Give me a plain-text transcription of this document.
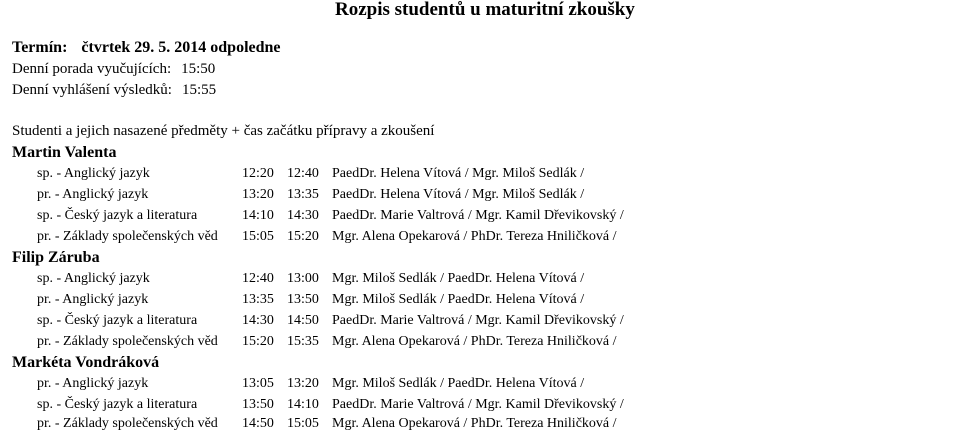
Rozpis studentů u maturitní zkoušky
Termín: čtvrtek 29. 5. 2014 odpoledne
Denní porada vyučujících: 15:50
Denní vyhlášení výsledků: 15:55
Studenti a jejich nasazené předměty + čas začátku přípravy a zkoušení
Martin Valenta
sp. - Anglický jazyk	12:20 12:40 PaedDr. Helena Vítová / Mgr. Miloš Sedlák /
pr. - Anglický jazyk	13:20 13:35 PaedDr. Helena Vítová / Mgr. Miloš Sedlák /
sp. - Český jazyk a literatura	14:10 14:30 PaedDr. Marie Valtrová / Mgr. Kamil Dřevikovský /
pr. - Základy společenských věd 15:05 15:20 Mgr. Alena Opekarová / PhDr. Tereza Hniličková /
Filip Záruba
sp. - Anglický jazyk	12:40 13:00 Mgr. Miloš Sedlák / PaedDr. Helena Vítová /
pr. - Anglický jazyk	13:35 13:50 Mgr. Miloš Sedlák / PaedDr. Helena Vítová /
sp. - Český jazyk a literatura	14:30 14:50 PaedDr. Marie Valtrová / Mgr. Kamil Dřevikovský /
pr. - Základy společenských věd 15:20 15:35 Mgr. Alena Opekarová / PhDr. Tereza Hniličková /
Markéta Vondráková
pr. - Anglický jazyk	13:05 13:20 Mgr. Miloš Sedlák / PaedDr. Helena Vítová /
sp. - Český jazyk a literatura	13:50 14:10 PaedDr. Marie Valtrová / Mgr. Kamil Dřevikovský /
pr. - Základy společenských věd 14:50 15:05 Mgr. Alena Opekarová / PhDr. Tereza Hniličková /
